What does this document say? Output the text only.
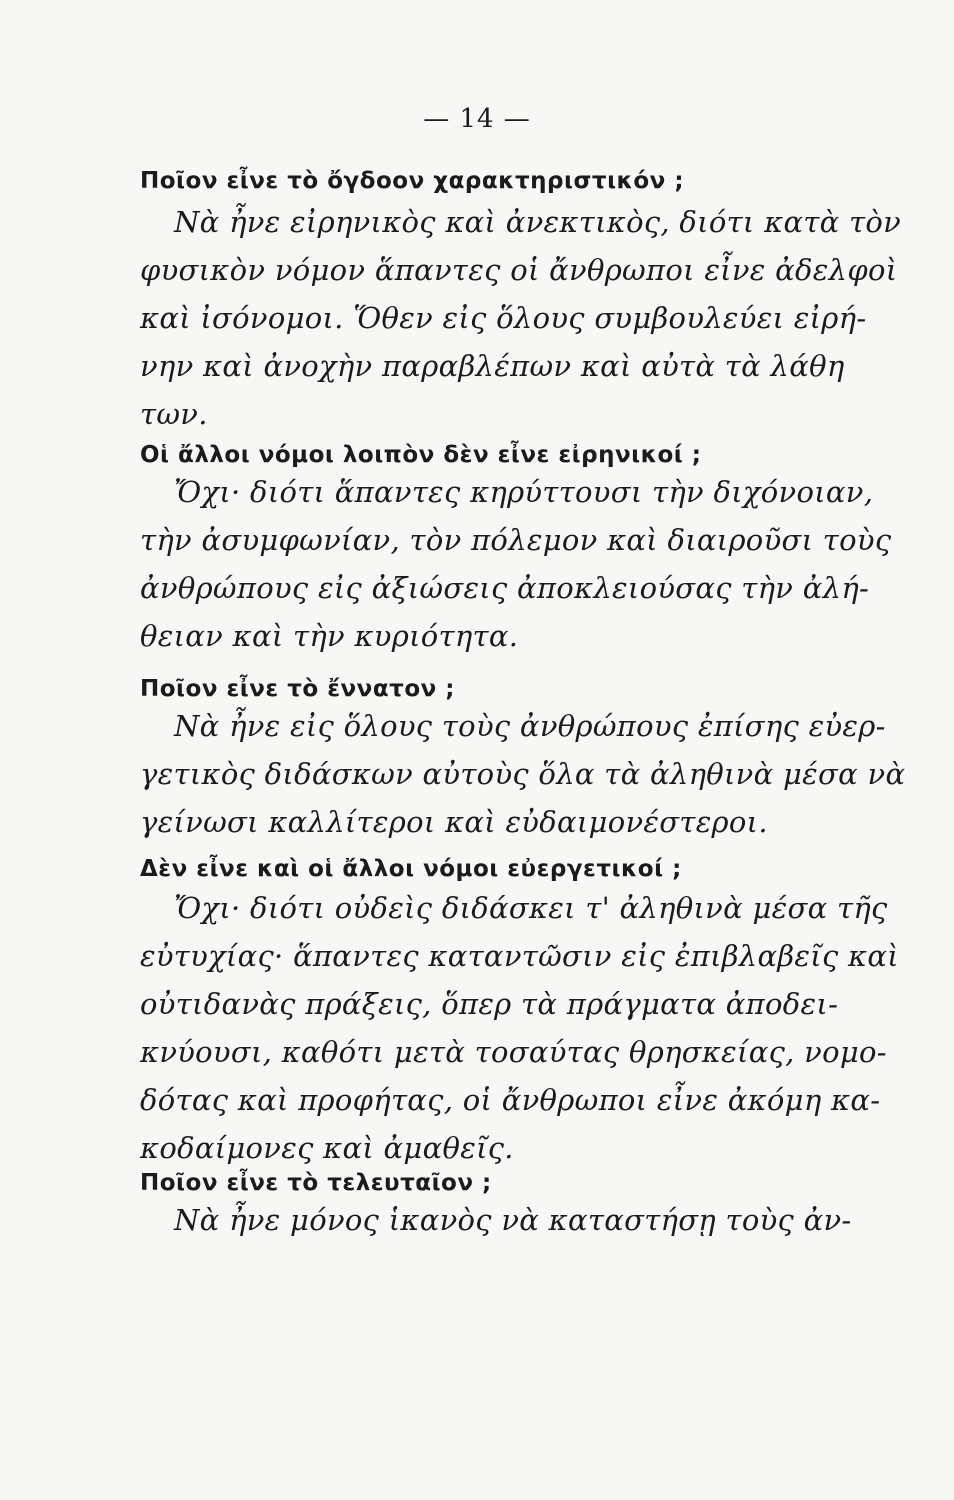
— 14 —
Ποῖον εἶνε τὸ ὄγδοον χαρακτηριστικόν ;
Νὰ ἦνε εἰρηνικὸς καὶ ἀνεκτικὸς, διότι κατὰ τὸν
φυσικὸν νόμον ἅπαντες οἱ ἄνθρωποι εἶνε ἀδελφοὶ
καὶ ἰσόνομοι. Ὅθεν εἰς ὅλους συμβουλεύει εἰρή-
νην καὶ ἀνοχὴν παραβλέπων καὶ αὐτὰ τὰ λάθη
των.
Οἱ ἄλλοι νόμοι λοιπὸν δὲν εἶνε εἰρηνικοί ;
Ὄχι· διότι ἅπαντες κηρύττουσι τὴν διχόνοιαν,
τὴν ἀσυμφωνίαν, τὸν πόλεμον καὶ διαιροῦσι τοὺς
ἀνθρώπους εἰς ἀξιώσεις ἀποκλειούσας τὴν ἀλή-
θειαν καὶ τὴν κυριότητα.
Ποῖον εἶνε τὸ ἔννατον ;
Νὰ ἦνε εἰς ὅλους τοὺς ἀνθρώπους ἐπίσης εὐερ-
γετικὸς διδάσκων αὐτοὺς ὅλα τὰ ἀληθινὰ μέσα νὰ
γείνωσι καλλίτεροι καὶ εὐδαιμονέστεροι.
Δὲν εἶνε καὶ οἱ ἄλλοι νόμοι εὐεργετικοί ;
Ὄχι· διότι οὐδεὶς διδάσκει τ' ἀληθινὰ μέσα τῆς
εὐτυχίας· ἅπαντες καταντῶσιν εἰς ἐπιβλαβεῖς καὶ
οὐτιδανὰς πράξεις, ὅπερ τὰ πράγματα ἀποδει-
κνύουσι, καθότι μετὰ τοσαύτας θρησκείας, νομο-
δότας καὶ προφήτας, οἱ ἄνθρωποι εἶνε ἀκόμη κα-
κοδαίμονες καὶ ἀμαθεῖς.
Ποῖον εἶνε τὸ τελευταῖον ;
Νὰ ἦνε μόνος ἱκανὸς νὰ καταστήσῃ τοὺς ἀν-
